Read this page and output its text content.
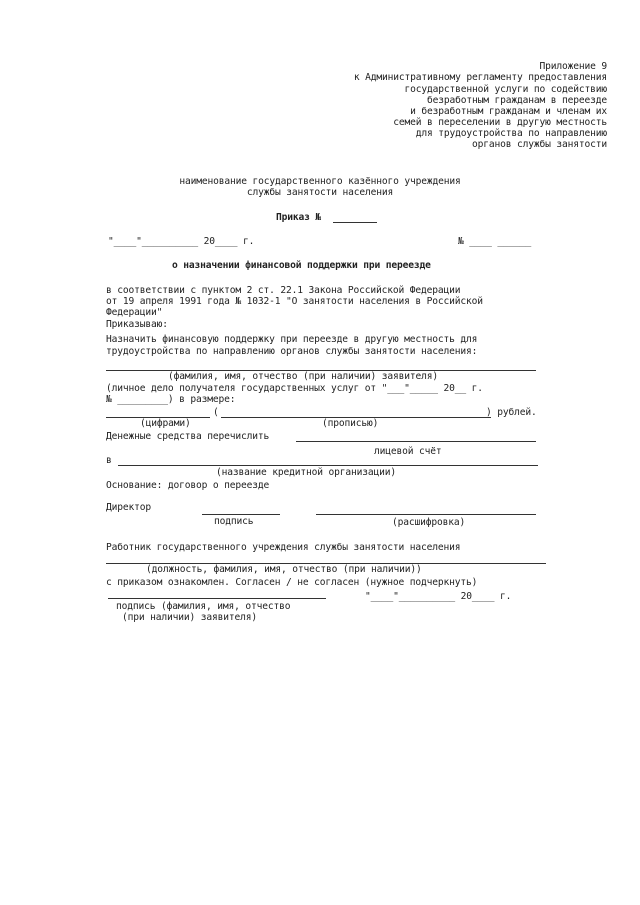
Приложение 9
к Административному регламенту предоставления
государственной услуги по содействию
безработным гражданам в переезде
и безработным гражданам и членам их
семей в переселении в другую местность
для трудоустройства по направлению
органов службы занятости
наименование государственного казённого учреждения
службы занятости населения
Приказ №
"____"__________ 20____ г.	№ ____ ______
о назначении финансовой поддержки при переезде
в соответствии с пунктом 2 ст. 22.1 Закона Российской Федерации
от 19 апреля 1991 года № 1032-1 "О занятости населения в Российской
Федерации"
Приказываю:
Назначить финансовую поддержку при переезде в другую местность для
трудоустройства по направлению органов службы занятости населения:
(фамилия, имя, отчество (при наличии) заявителя)
(личное дело получателя государственных услуг от "___"_____ 20__ г.
№ _________) в размере:
(	) рублей.
(цифрами)	(прописью)
Денежные средства перечислить
лицевой счёт
в
(название кредитной организации)
Основание: договор о переезде
Директор
подпись	(расшифровка)
Работник государственного учреждения службы занятости населения
(должность, фамилия, имя, отчество (при наличии))
с приказом ознакомлен. Согласен / не согласен (нужное подчеркнуть)
"____"__________ 20____ г.
подпись (фамилия, имя, отчество
(при наличии) заявителя)
